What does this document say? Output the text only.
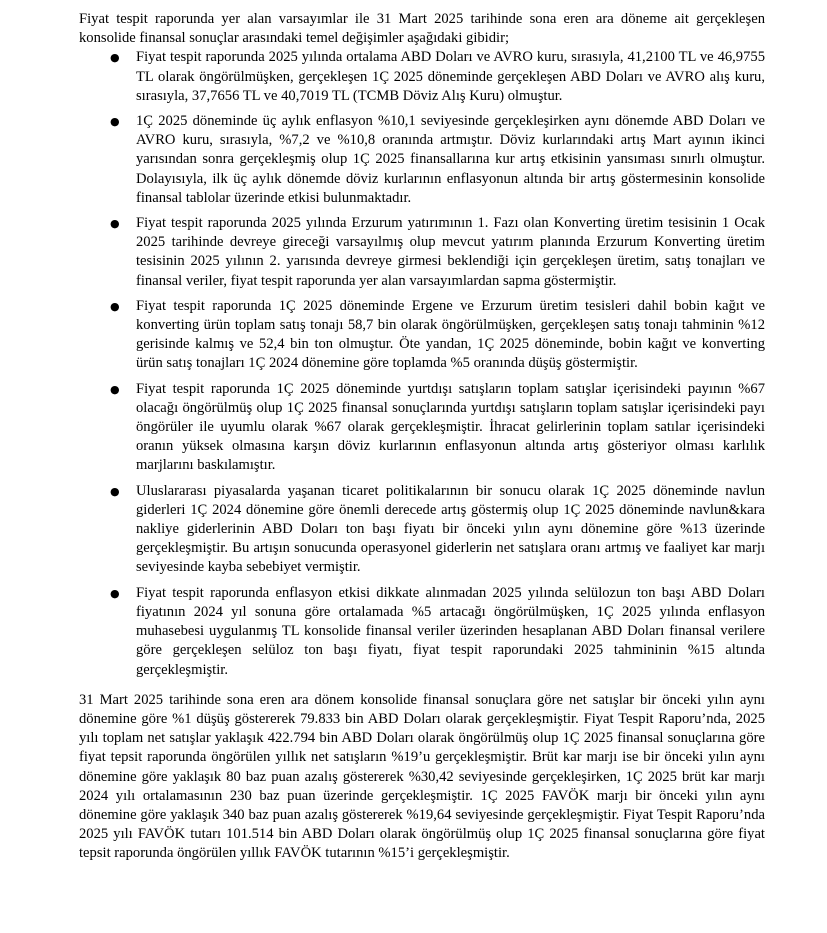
Fiyat tespit raporunda yer alan varsayımlar ile 31 Mart 2025 tarihinde sona eren ara döneme ait gerçekleşen konsolide finansal sonuçlar arasındaki temel değişimler aşağıdaki gibidir;

● Fiyat tespit raporunda 2025 yılında ortalama ABD Doları ve AVRO kuru, sırasıyla, 41,2100 TL ve 46,9755 TL olarak öngörülmüşken, gerçekleşen 1Ç 2025 döneminde gerçekleşen ABD Doları ve AVRO alış kuru, sırasıyla, 37,7656 TL ve 40,7019 TL (TCMB Döviz Alış Kuru) olmuştur.
● 1Ç 2025 döneminde üç aylık enflasyon %10,1 seviyesinde gerçekleşirken aynı dönemde ABD Doları ve AVRO kuru, sırasıyla, %7,2 ve %10,8 oranında artmıştır. Döviz kurlarındaki artış Mart ayının ikinci yarısından sonra gerçekleşmiş olup 1Ç 2025 finansallarına kur artış etkisinin yansıması sınırlı olmuştur. Dolayısıyla, ilk üç aylık dönemde döviz kurlarının enflasyonun altında bir artış göstermesinin konsolide finansal tablolar üzerinde etkisi bulunmaktadır.
● Fiyat tespit raporunda 2025 yılında Erzurum yatırımının 1. Fazı olan Konverting üretim tesisinin 1 Ocak 2025 tarihinde devreye gireceği varsayılmış olup mevcut yatırım planında Erzurum Konverting üretim tesisinin 2025 yılının 2. yarısında devreye girmesi beklendiği için gerçekleşen üretim, satış tonajları ve finansal veriler, fiyat tespit raporunda yer alan varsayımlardan sapma göstermiştir.
● Fiyat tespit raporunda 1Ç 2025 döneminde Ergene ve Erzurum üretim tesisleri dahil bobin kağıt ve konverting ürün toplam satış tonajı 58,7 bin olarak öngörülmüşken, gerçekleşen satış tonajı tahminin %12 gerisinde kalmış ve 52,4 bin ton olmuştur. Öte yandan, 1Ç 2025 döneminde, bobin kağıt ve konverting ürün satış tonajları 1Ç 2024 dönemine göre toplamda %5 oranında düşüş göstermiştir.
● Fiyat tespit raporunda 1Ç 2025 döneminde yurtdışı satışların toplam satışlar içerisindeki payının %67 olacağı öngörülmüş olup 1Ç 2025 finansal sonuçlarında yurtdışı satışların toplam satışlar içerisindeki payı öngörüler ile uyumlu olarak %67 olarak gerçekleşmiştir. İhracat gelirlerinin toplam satılar içerisindeki oranın yüksek olmasına karşın döviz kurlarının enflasyonun altında artış gösteriyor olması karlılık marjlarını baskılamıştır.
● Uluslararası piyasalarda yaşanan ticaret politikalarının bir sonucu olarak 1Ç 2025 döneminde navlun giderleri 1Ç 2024 dönemine göre önemli derecede artış göstermiş olup 1Ç 2025 döneminde navlun&kara nakliye giderlerinin ABD Doları ton başı fiyatı bir önceki yılın aynı dönemine göre %13 üzerinde gerçekleşmiştir. Bu artışın sonucunda operasyonel giderlerin net satışlara oranı artmış ve faaliyet kar marjı seviyesinde kayba sebebiyet vermiştir.
● Fiyat tespit raporunda enflasyon etkisi dikkate alınmadan 2025 yılında selülozun ton başı ABD Doları fiyatının 2024 yıl sonuna göre ortalamada %5 artacağı öngörülmüşken, 1Ç 2025 yılında enflasyon muhasebesi uygulanmış TL konsolide finansal veriler üzerinden hesaplanan ABD Doları finansal verilere göre gerçekleşen selüloz ton başı fiyatı, fiyat tespit raporundaki 2025 tahmininin %15 altında gerçekleşmiştir.

31 Mart 2025 tarihinde sona eren ara dönem konsolide finansal sonuçlara göre net satışlar bir önceki yılın aynı dönemine göre %1 düşüş göstererek 79.833 bin ABD Doları olarak gerçekleşmiştir. Fiyat Tespit Raporu’nda, 2025 yılı toplam net satışlar yaklaşık 422.794 bin ABD Doları olarak öngörülmüş olup 1Ç 2025 finansal sonuçlarına göre fiyat tepsit raporunda öngörülen yıllık net satışların %19’u gerçekleşmiştir. Brüt kar marjı ise bir önceki yılın aynı dönemine göre yaklaşık 80 baz puan azalış göstererek %30,42 seviyesinde gerçekleşirken, 1Ç 2025 brüt kar marjı 2024 yılı ortalamasının 230 baz puan üzerinde gerçekleşmiştir. 1Ç 2025 FAVÖK marjı bir önceki yılın aynı dönemine göre yaklaşık 340 baz puan azalış göstererek %19,64 seviyesinde gerçekleşmiştir. Fiyat Tespit Raporu’nda 2025 yılı FAVÖK tutarı 101.514 bin ABD Doları olarak öngörülmüş olup 1Ç 2025 finansal sonuçlarına göre fiyat tepsit raporunda öngörülen yıllık FAVÖK tutarının %15’i gerçekleşmiştir.
